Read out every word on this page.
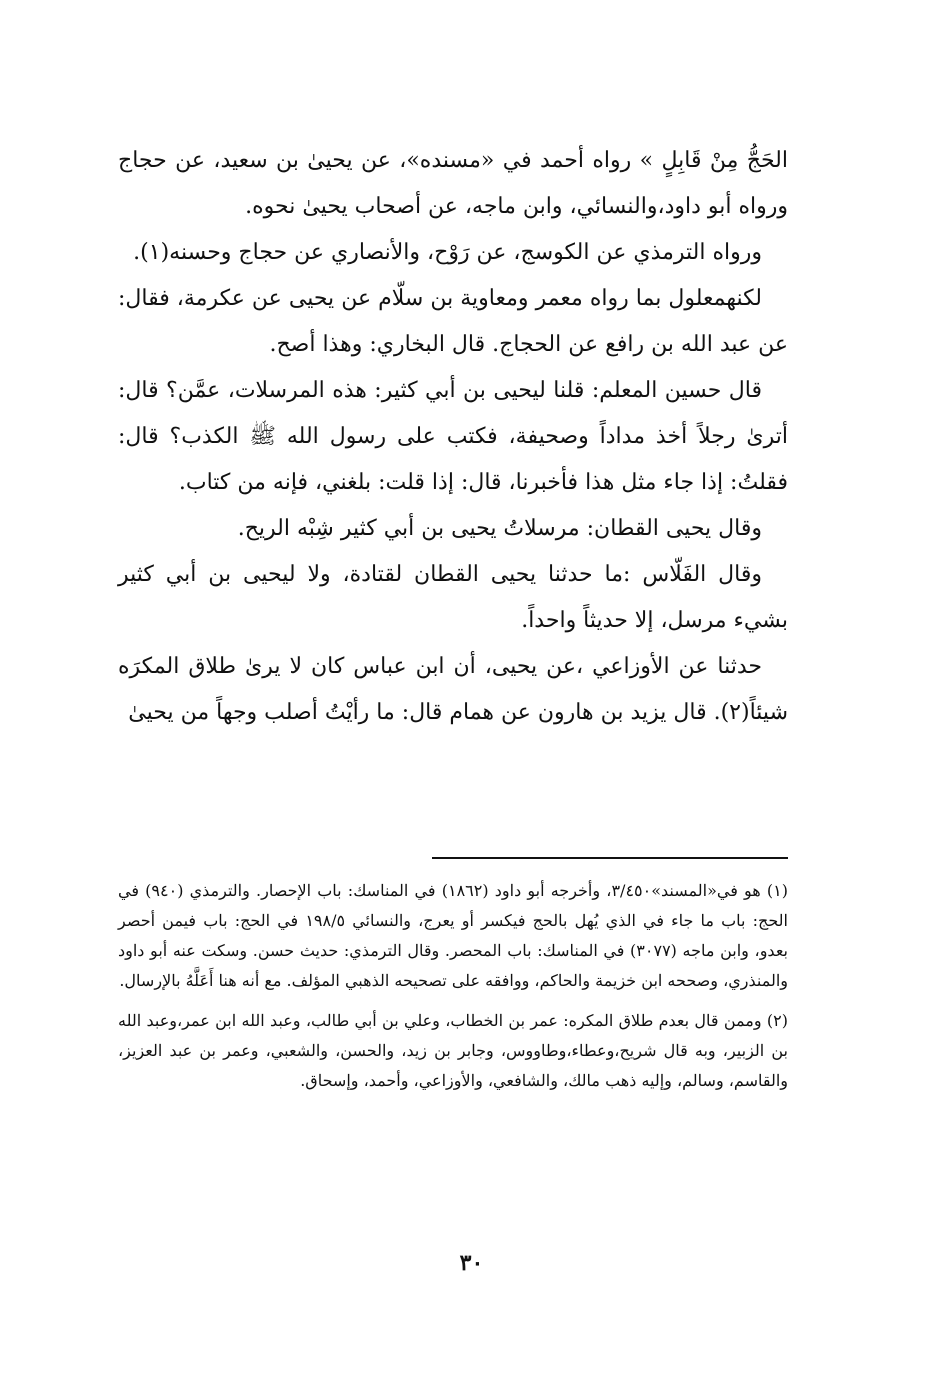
الحَجُّ مِنْ قَابِلٍ » رواه أحمد في «مسنده»، عن يحيىٰ بن سعيد، عن حجاج ورواه أبو داود،والنسائي، وابن ماجه، عن أصحاب يحيىٰ نحوه.

ورواه الترمذي عن الكوسج، عن رَوْح، والأنصاري عن حجاج وحسنه(١).

لكنهمعلول بما رواه معمر ومعاوية بن سلّام عن يحيى عن عكرمة، فقال: عن عبد الله بن رافع عن الحجاج. قال البخاري: وهذا أصح.

قال حسين المعلم: قلنا ليحيى بن أبي كثير: هذه المرسلات، عمَّن؟ قال: أترىٰ رجلاً أخذ مداداً وصحيفة، فكتب على رسول الله ﷺ الكذب؟ قال: فقلتُ: إذا جاء مثل هذا فأخبرنا، قال: إذا قلت: بلغني، فإنه من كتاب.

وقال يحيى القطان: مرسلاتُ يحيى بن أبي كثير شِبْه الريح.

وقال الفَلّاس :ما حدثنا يحيى القطان لقتادة، ولا ليحيى بن أبي كثير بشيء مرسل، إلا حديثاً واحداً.

حدثنا عن الأوزاعي ،عن يحيى، أن ابن عباس كان لا يرىٰ طلاق المكرَه شيئاً(٢). قال يزيد بن هارون عن همام قال: ما رأيْتُ أصلب وجهاً من يحيىٰ

(١) هو في«المسند»٣/٤٥٠، وأخرجه أبو داود (١٨٦٢) في المناسك: باب الإحصار. والترمذي (٩٤٠) في الحج: باب ما جاء في الذي يُهل بالحج فيكسر أو يعرج، والنسائي ١٩٨/٥ في الحج: باب فيمن أحصر بعدو، وابن ماجه (٣٠٧٧) في المناسك: باب المحصر. وقال الترمذي: حديث حسن. وسكت عنه أبو داود والمنذري، وصححه ابن خزيمة والحاكم، ووافقه على تصحيحه الذهبي المؤلف. مع أنه هنا أَعَلَّهُ بالإرسال.

(٢) وممن قال بعدم طلاق المكره: عمر بن الخطاب، وعلي بن أبي طالب، وعبد الله ابن عمر،وعبد الله بن الزبير، وبه قال شريح،وعطاء،وطاووس، وجابر بن زيد، والحسن، والشعبي، وعمر بن عبد العزيز، والقاسم، وسالم، وإليه ذهب مالك، والشافعي، والأوزاعي، وأحمد، وإسحاق.

٣٠
